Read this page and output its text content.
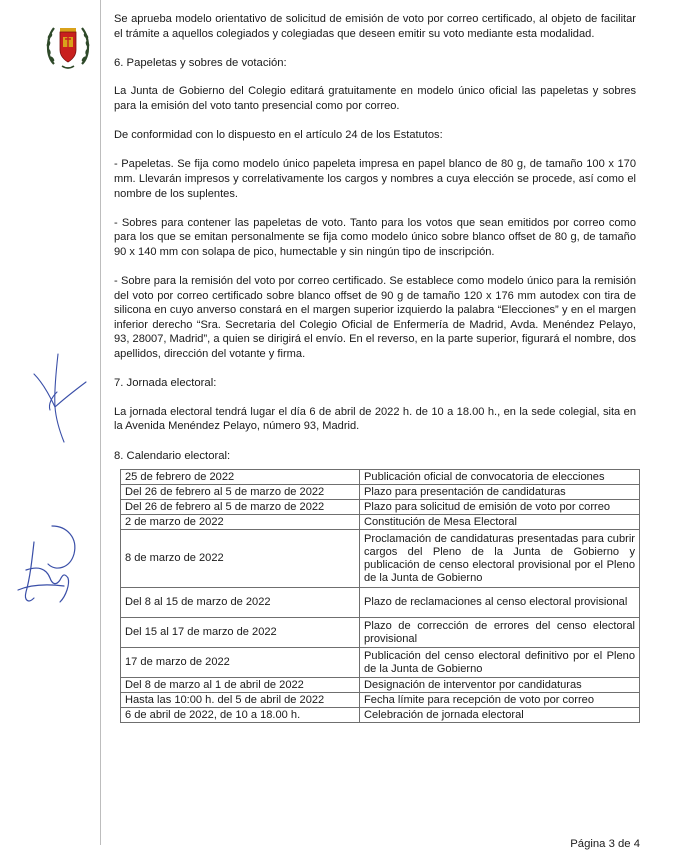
Se aprueba modelo orientativo de solicitud de emisión de voto por correo certificado, al objeto de facilitar el trámite a aquellos colegiados y colegiadas que deseen emitir su voto mediante esta modalidad.

6. Papeletas y sobres de votación:

La Junta de Gobierno del Colegio editará gratuitamente en modelo único oficial las papeletas y sobres para la emisión del voto tanto presencial como por correo.

De conformidad con lo dispuesto en el artículo 24 de los Estatutos:

- Papeletas. Se fija como modelo único papeleta impresa en papel blanco de 80 g, de tamaño 100 x 170 mm. Llevarán impresos y correlativamente los cargos y nombres a cuya elección se procede, así como el nombre de los suplentes.

- Sobres para contener las papeletas de voto. Tanto para los votos que sean emitidos por correo como para los que se emitan personalmente se fija como modelo único sobre blanco offset de 80 g, de tamaño 90 x 140 mm con solapa de pico, humectable y sin ningún tipo de inscripción.

- Sobre para la remisión del voto por correo certificado. Se establece como modelo único para la remisión del voto por correo certificado sobre blanco offset de 90 g de tamaño 120 x 176 mm autodex con tira de silicona en cuyo anverso constará en el margen superior izquierdo la palabra “Elecciones” y en el margen inferior derecho “Sra. Secretaria del Colegio Oficial de Enfermería de Madrid, Avda. Menéndez Pelayo, 93, 28007, Madrid”, a quien se dirigirá el envío. En el reverso, en la parte superior, figurará el nombre, dos apellidos, dirección del votante y firma.

7. Jornada electoral:

La jornada electoral tendrá lugar el día 6 de abril de 2022 h. de 10 a 18.00 h., en la sede colegial, sita en la Avenida Menéndez Pelayo, número 93, Madrid.

8. Calendario electoral:
25 de febrero de 2022	Publicación oficial de convocatoria de elecciones
Del 26 de febrero al 5 de marzo de 2022	Plazo para presentación de candidaturas
Del 26 de febrero al 5 de marzo de 2022	Plazo para solicitud de emisión de voto por correo
2 de marzo de 2022	Constitución de Mesa Electoral
8 de marzo de 2022	Proclamación de candidaturas presentadas para cubrir cargos del Pleno de la Junta de Gobierno y publicación de censo electoral provisional por el Pleno de la Junta de Gobierno
Del 8 al 15 de marzo de 2022	Plazo de reclamaciones al censo electoral provisional
Del 15 al 17 de marzo de 2022	Plazo de corrección de errores del censo electoral provisional
17 de marzo de 2022	Publicación del censo electoral definitivo por el Pleno de la Junta de Gobierno
Del 8 de marzo al 1 de abril de 2022	Designación de interventor por candidaturas
Hasta las 10:00 h. del 5 de abril de 2022	Fecha límite para recepción de voto por correo
6 de abril de 2022, de 10 a 18.00 h.	Celebración de jornada electoral
Página 3 de 4
